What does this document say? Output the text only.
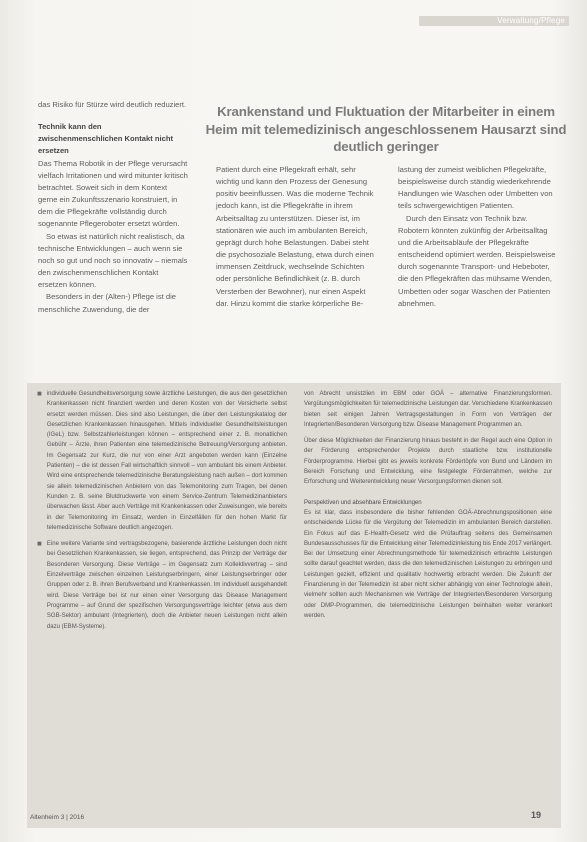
Verwaltung/Pflege

das Risiko für Stürze wird deutlich reduziert.

Technik kann den zwischenmenschlichen Kontakt nicht ersetzen

Das Thema Robotik in der Pflege verursacht vielfach Irritationen und wird mitunter kritisch betrachtet. Soweit sich in dem Kontext gerne ein Zukunftsszenario konstruiert, in dem die Pflegekräfte vollständig durch sogenannte Pflegeroboter ersetzt würden.

So etwas ist natürlich nicht realistisch, da technische Entwicklungen – auch wenn sie noch so gut und noch so innovativ – niemals den zwischenmenschlichen Kontakt ersetzen können.

Besonders in der (Alten-) Pflege ist die menschliche Zuwendung, die der

Krankenstand und Fluktuation der Mitarbeiter in einem Heim mit telemedizinisch angeschlossenem Hausarzt sind deutlich geringer

Patient durch eine Pflegekraft erhält, sehr wichtig und kann den Prozess der Genesung positiv beeinflussen. Was die moderne Technik jedoch kann, ist die Pflegekräfte in ihrem Arbeitsalltag zu unterstützen. Dieser ist, im stationären wie auch im ambulanten Bereich, geprägt durch hohe Belastungen. Dabei steht die psychosoziale Belastung, etwa durch einen immensen Zeitdruck, wechselnde Schichten oder persönliche Befindlichkeit (z. B. durch Versterben der Bewohner), nur einen Aspekt dar. Hinzu kommt die starke körperliche Be-

lastung der zumeist weiblichen Pflegekräfte, beispielsweise durch ständig wiederkehrende Handlungen wie Waschen oder Umbetten von teils schwergewichtigen Patienten.

Durch den Einsatz von Technik bzw. Robotern könnten zukünftig der Arbeitsalltag und die Arbeitsabläufe der Pflegekräfte entscheidend optimiert werden. Beispielsweise durch sogenannte Transport- und Hebeboter, die den Pflegekräften das mühsame Wenden, Umbetten oder sogar Waschen der Patienten abnehmen.

■ individuelle Gesundheitsversorgung sowie ärztliche Leistungen, die aus den gesetzlichen Krankenkassen nicht finanziert werden und deren Kosten von der Versicherte selbst ersetzt werden müssen. Dies sind also Leistungen, die über den Leistungskatalog der Gesetzlichen Krankenkassen hinausgehen. Mittels individueller Gesundheitsleistungen (IGeL) bzw. Selbstzahlerleistungen können – entsprechend einer z. B. monatlichen Gebühr – Ärzte, ihren Patienten eine telemedizinische Betreuung/Versorgung anbieten. Im Gegensatz zur Kurz, die nur von einer Arzt angeboten werden kann (Einzelne Patienten) – die ist dessen Fall wirtschaftlich sinnvoll – von ambulant bis einem Anbieter. Wird eine entsprechende telemedizinische Beratungsleistung nach außen – dort kommen sie allein telemedizinischen Anbietern von das Telemonitoring zum Tragen, bei denen Kunden z. B. seine Blutdruckwerte von einem Service-Zentrum Telemedizinanbieters überwachen lässt. Aber auch Verträge mit Krankenkassen oder Zuweisungen, wie bereits in der Telemonitoring im Einsatz, werden in Einzelfällen für den hohen Markt für telemedizinische Software deutlich angezogen.

■ Eine weitere Variante sind vertragsbezogene, basierende ärztliche Leistungen doch nicht bei Gesetzlichen Krankenkassen, sie liegen, entsprechend, das Prinzip der Verträge der Besonderen Versorgung. Diese Verträge – im Gegensatz zum Kollektivvertrag – sind Einzelverträge zwischen einzelnen Leistungserbringern, einer Leistungserbringer oder Gruppen oder z. B. ihren Berufsverband und Krankenkassen. Im individuell ausgehandelt wird. Diese Verträge bei ist nur einen einer Versorgung das Disease Management Programme – auf Grund der spezifischen Versorgungsverträge leichter (etwa aus dem SGB-Sektor) ambulant (Integrierten), doch die Anbieter neuen Leistungen nicht allein dazu (EBM-Systeme).

von Abrecht unsistzlien im EBM oder GOÄ – alternative Finanzierungsformen. Vergütungsmöglichkeiten für telemedizinische Leistungen dar. Verschiedene Krankenkassen bieten seit einigen Jahren Vertragsgestaltungen in Form von Verträgen der Integrierten/Besonderen Versorgung bzw. Disease Management Programmen an.

Über diese Möglichkeiten der Finanzierung hinaus besteht in der Regel auch eine Option in der Förderung entsprechender Projekte durch staatliche bzw. institutionelle Förderprogramme. Hierbei gibt es jeweils konkrete Fördertöpfe von Bund und Ländern im Bereich Forschung und Entwicklung, eine festgelegte Förderrahmen, welche zur Erforschung und Weiterentwicklung neuer Versorgungsformen dienen soll.

Perspektiven und absehbare Entwicklungen

Es ist klar, dass insbesondere die bisher fehlenden GOÄ-Abrechnungspositionen eine entscheidende Lücke für die Vergütung der Telemedizin im ambulanten Bereich darstellen. Ein Fokus auf das E-Health-Gesetz wird die Prüfauftrag seitens des Gemeinsamen Bundesausschusses für die Entwicklung einer Telemedizinleistung bis Ende 2017 verlängert.

Bei der Umsetzung einer Abrechnungsmethode für telemedizinisch erbrachte Leistungen sollte darauf geachtet werden, dass die den telemedizinischen Leistungen zu erbringen und Leistungen gezielt, effizient und qualitativ hochwertig erbracht werden. Die Zukunft der Finanzierung in der Telemedizin ist aber nicht sicher abhängig von einer Technologie allein, vielmehr sollten auch Mechanismen wie Verträge der Integrierten/Besonderen Versorgung oder DMP-Programmen, die telemedizinische Leistungen beinhalten weiter verankert werden.

Altenheim 3 | 2016	19
